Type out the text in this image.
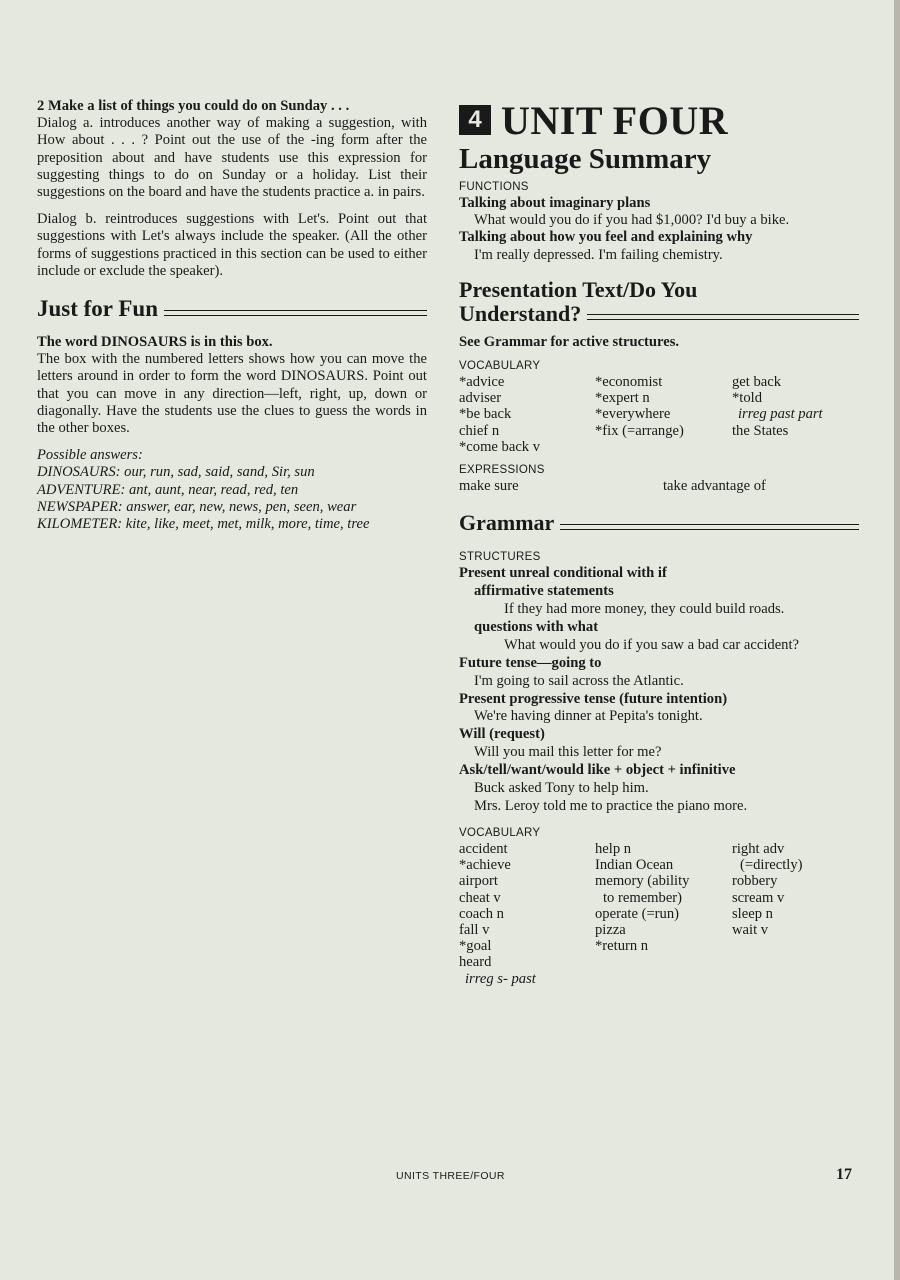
2 Make a list of things you could do on Sunday . . .

Dialog a. introduces another way of making a suggestion, with How about . . . ? Point out the use of the -ing form after the preposition about and have students use this expression for suggesting things to do on Sunday or a holiday. List their suggestions on the board and have the students practice a. in pairs.

Dialog b. reintroduces suggestions with Let's. Point out that suggestions with Let's always include the speaker. (All the other forms of suggestions practiced in this section can be used to either include or exclude the speaker).

Just for Fun

The word DINOSAURS is in this box.

The box with the numbered letters shows how you can move the letters around in order to form the word DINOSAURS. Point out that you can move in any direction—left, right, up, down or diagonally. Have the students use the clues to guess the words in the other boxes.

Possible answers:

DINOSAURS: our, run, sad, said, sand, Sir, sun
ADVENTURE: ant, aunt, near, read, red, ten
NEWSPAPER: answer, ear, new, news, pen, seen, wear
KILOMETER: kite, like, meet, met, milk, more, time, tree
4 UNIT FOUR
Language Summary
FUNCTIONS
Talking about imaginary plans
What would you do if you had $1,000? I'd buy a bike.
Talking about how you feel and explaining why
I'm really depressed. I'm failing chemistry.
Presentation Text/Do You
Understand?
See Grammar for active structures.
VOCABULARY
*advice
adviser
*be back
chief n
*come back v
*economist
*expert n
*everywhere
*fix (=arrange)
get back
*told
irreg past part
the States
EXPRESSIONS
make sure	take advantage of
Grammar
STRUCTURES
Present unreal conditional with if
affirmative statements
If they had more money, they could build roads.
questions with what
What would you do if you saw a bad car accident?
Future tense—going to
I'm going to sail across the Atlantic.
Present progressive tense (future intention)
We're having dinner at Pepita's tonight.
Will (request)
Will you mail this letter for me?
Ask/tell/want/would like + object + infinitive
Buck asked Tony to help him.
Mrs. Leroy told me to practice the piano more.
VOCABULARY
accident
*achieve
airport
cheat v
coach n
fall v
*goal
heard
irreg s- past
help n
Indian Ocean
memory (ability
to remember)
operate (=run)
pizza
*return n
right adv
(=directly)
robbery
scream v
sleep n
wait v
UNITS THREE/FOUR	17
